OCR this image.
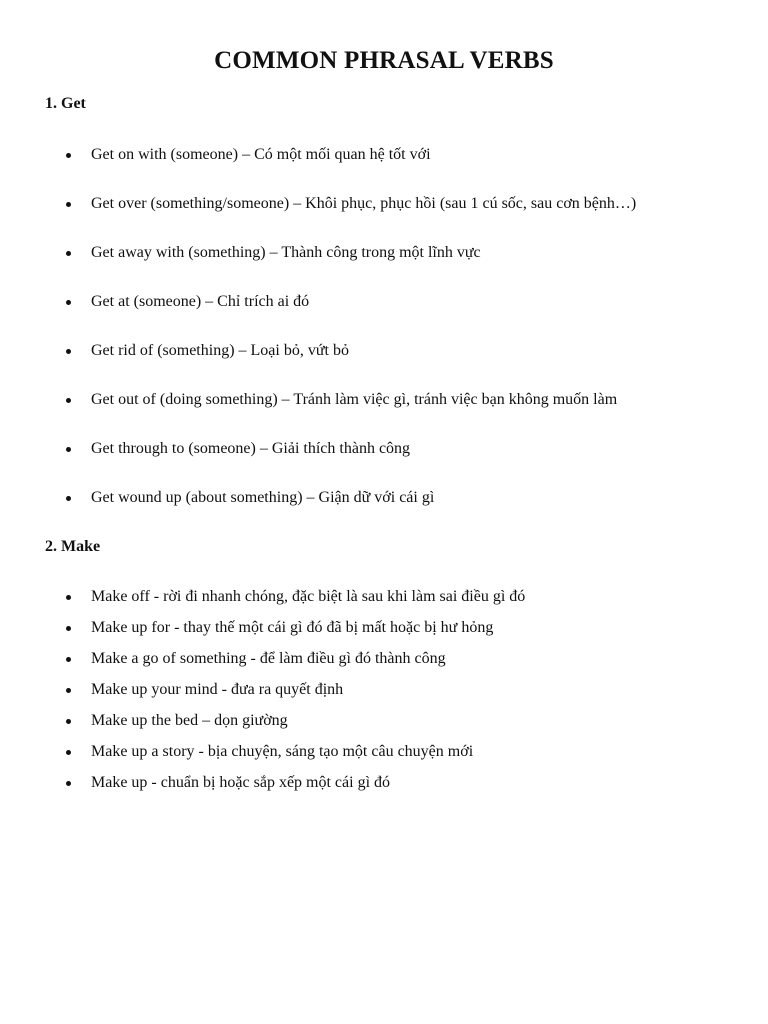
COMMON PHRASAL VERBS
1. Get
Get on with (someone) – Có một mối quan hệ tốt với
Get over (something/someone) – Khôi phục, phục hồi (sau 1 cú sốc, sau cơn bệnh…)
Get away with (something) – Thành công trong một lĩnh vực
Get at (someone) – Chỉ trích ai đó
Get rid of (something) – Loại bỏ, vứt bỏ
Get out of (doing something) – Tránh làm việc gì, tránh việc bạn không muốn làm
Get through to (someone) – Giải thích thành công
Get wound up (about something) – Giận dữ với cái gì
2. Make
Make off - rời đi nhanh chóng, đặc biệt là sau khi làm sai điều gì đó
Make up for - thay thế một cái gì đó đã bị mất hoặc bị hư hỏng
Make a go of something - để làm điều gì đó thành công
Make up your mind - đưa ra quyết định
Make up the bed – dọn giường
Make up a story - bịa chuyện, sáng tạo một câu chuyện mới
Make up - chuẩn bị hoặc sắp xếp một cái gì đó
